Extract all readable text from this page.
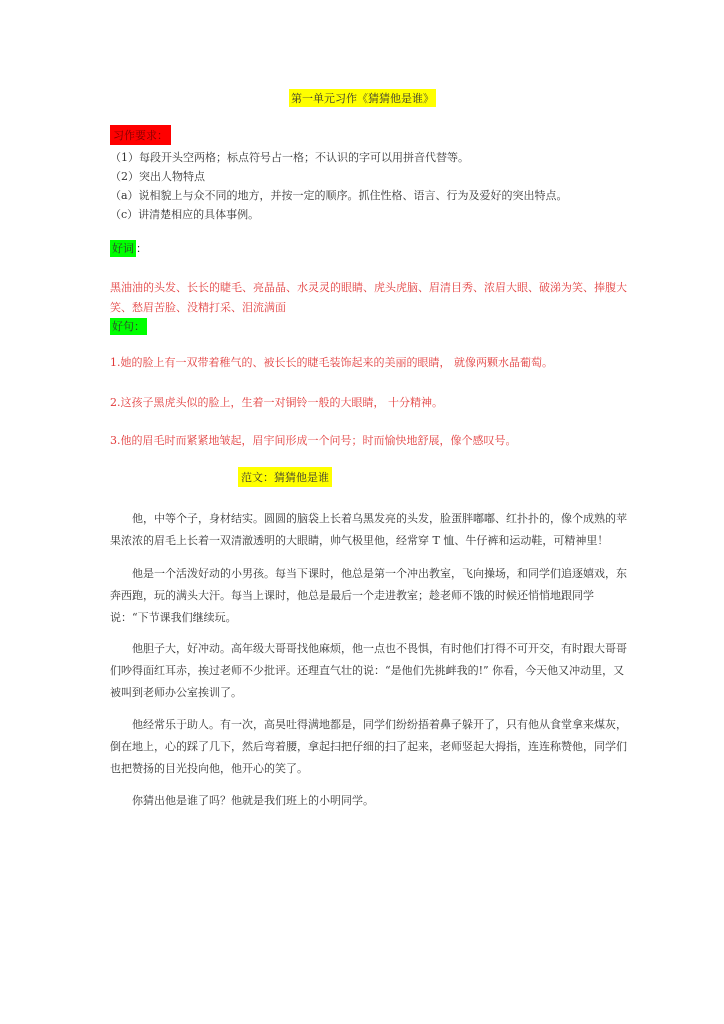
第一单元习作《猜猜他是谁》
习作要求：
（1）每段开头空两格；标点符号占一格；不认识的字可以用拼音代替等。
（2）突出人物特点
（a）说相貌上与众不同的地方，并按一定的顺序。抓住性格、语言、行为及爱好的突出特点。
（c）讲清楚相应的具体事例。
好词 ：
黑油油的头发、长长的睫毛、亮晶晶、水灵灵的眼睛、虎头虎脑、眉清目秀、浓眉大眼、破涕为笑、捧腹大笑、愁眉苦脸、没精打采、泪流满面
好句：
1.她的脸上有一双带着稚气的、被长长的睫毛装饰起来的美丽的眼睛， 就像两颗水晶葡萄。
2.这孩子黑虎头似的脸上，生着一对铜铃一般的大眼睛， 十分精神。
3.他的眉毛时而紧紧地皱起，眉宇间形成一个问号；时而愉快地舒展，像个感叹号。
范文：猜猜他是谁
他，中等个子，身材结实。圆圆的脑袋上长着乌黑发亮的头发，脸蛋胖嘟嘟、红扑扑的，像个成熟的苹果浓浓的眉毛上长着一双清澈透明的大眼睛，帅气极里他，经常穿 T 恤、牛仔裤和运动鞋，可精神里！
他是一个活泼好动的小男孩。每当下课时，他总是第一个冲出教室，飞向操场，和同学们追逐嬉戏，东奔西跑，玩的满头大汗。每当上课时，他总是最后一个走进教室；趁老师不饿的时候还悄悄地跟同学说：“下节课我们继续玩。
他胆子大，好冲动。高年级大哥哥找他麻烦，他一点也不畏惧，有时他们打得不可开交，有时跟大哥哥们吵得面红耳赤，挨过老师不少批评。还理直气壮的说：“是他们先挑衅我的!” 你看，今天他又冲动里，又被叫到老师办公室挨训了。
他经常乐于助人。有一次，高昊吐得满地都是，同学们纷纷捂着鼻子躲开了，只有他从食堂拿来煤灰，倒在地上，心的踩了几下，然后弯着腰，拿起扫把仔细的扫了起来，老师竖起大拇指，连连称赞他，同学们也把赞扬的目光投向他，他开心的笑了。
你猜出他是谁了吗？他就是我们班上的小明同学。
